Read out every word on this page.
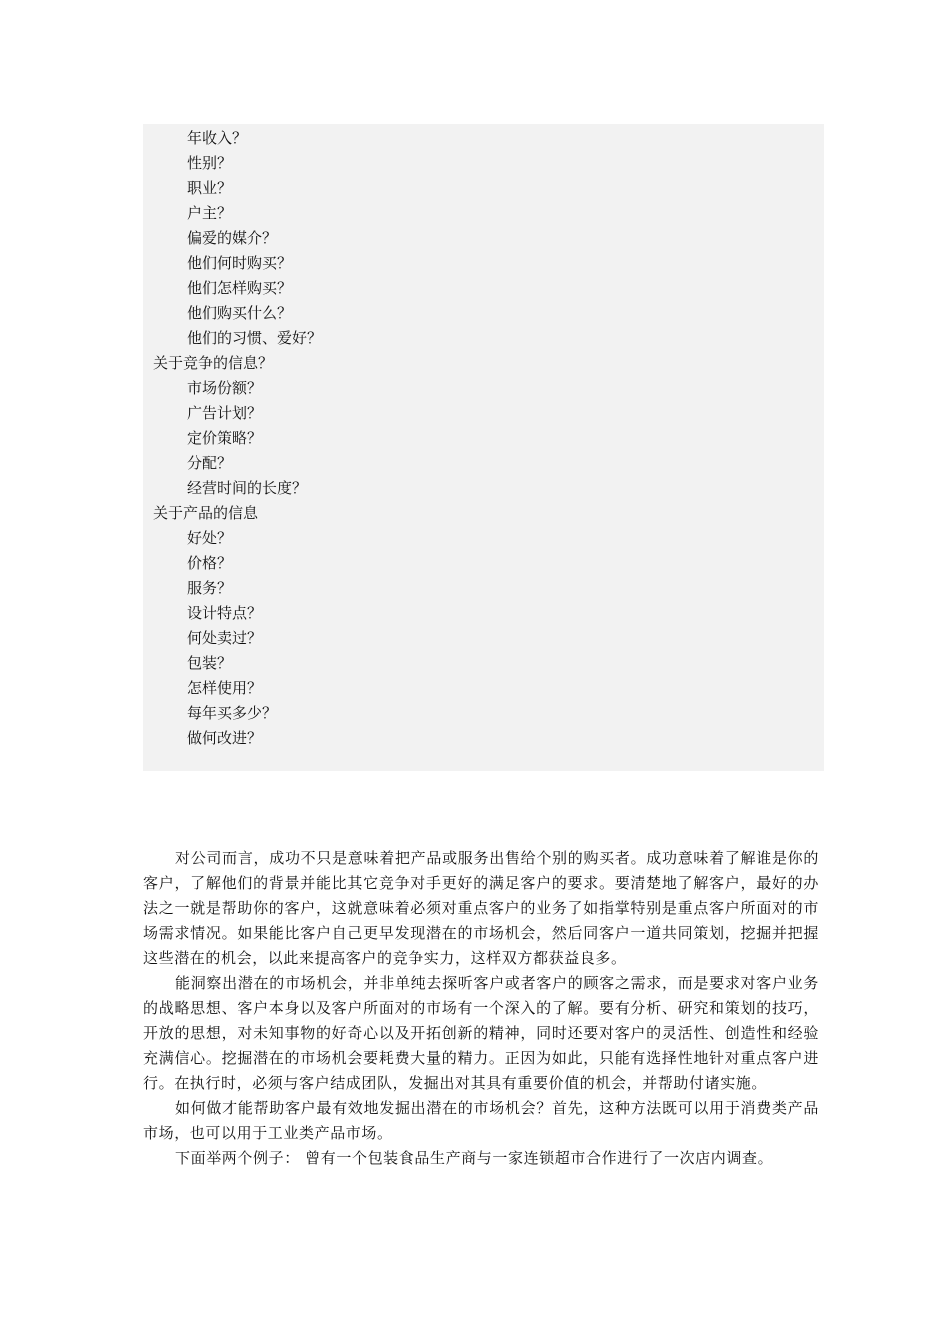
年收入？
性别？
职业？
户主？
偏爱的媒介？
他们何时购买？
他们怎样购买？
他们购买什么？
他们的习惯、爱好？
关于竞争的信息？
市场份额？
广告计划？
定价策略？
分配？
经营时间的长度？
关于产品的信息
好处？
价格？
服务？
设计特点？
何处卖过？
包装？
怎样使用？
每年买多少？
做何改进？

对公司而言，成功不只是意味着把产品或服务出售给个别的购买者。成功意味着了解谁是你的客户，了解他们的背景并能比其它竞争对手更好的满足客户的要求。要清楚地了解客户，最好的办法之一就是帮助你的客户，这就意味着必须对重点客户的业务了如指掌特别是重点客户所面对的市场需求情况。如果能比客户自己更早发现潜在的市场机会，然后同客户一道共同策划，挖掘并把握这些潜在的机会，以此来提高客户的竞争实力，这样双方都获益良多。

能洞察出潜在的市场机会，并非单纯去探听客户或者客户的顾客之需求，而是要求对客户业务的战略思想、客户本身以及客户所面对的市场有一个深入的了解。要有分析、研究和策划的技巧，开放的思想，对未知事物的好奇心以及开拓创新的精神，同时还要对客户的灵活性、创造性和经验充满信心。挖掘潜在的市场机会要耗费大量的精力。正因为如此，只能有选择性地针对重点客户进行。在执行时，必须与客户结成团队，发掘出对其具有重要价值的机会，并帮助付诸实施。

如何做才能帮助客户最有效地发掘出潜在的市场机会？首先，这种方法既可以用于消费类产品市场，也可以用于工业类产品市场。

下面举两个例子： 曾有一个包装食品生产商与一家连锁超市合作进行了一次店内调查。
